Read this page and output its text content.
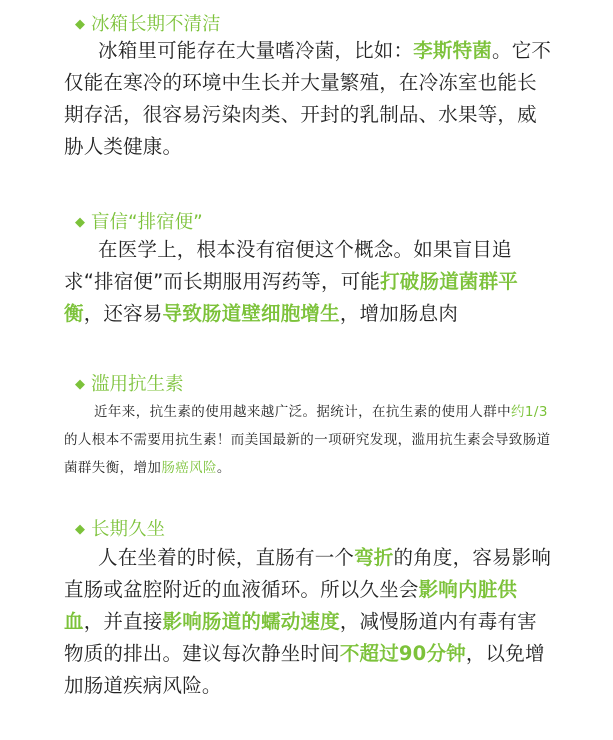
◆ 冰箱长期不清洁

冰箱里可能存在大量嗜冷菌，比如：李斯特菌。它不仅能在寒冷的环境中生长并大量繁殖，在冷冻室也能长期存活，很容易污染肉类、开封的乳制品、水果等，威胁人类健康。

◆ 盲信“排宿便”

在医学上，根本没有宿便这个概念。如果盲目追求“排宿便”而长期服用泻药等，可能打破肠道菌群平衡，还容易导致肠道壁细胞增生，增加肠息肉

◆ 滥用抗生素

近年来，抗生素的使用越来越广泛。据统计，在抗生素的使用人群中约1/3的人根本不需要用抗生素！而美国最新的一项研究发现，滥用抗生素会导致肠道菌群失衡，增加肠癌风险。

◆ 长期久坐

人在坐着的时候，直肠有一个弯折的角度，容易影响直肠或盆腔附近的血液循环。所以久坐会影响内脏供血，并直接影响肠道的蠕动速度，减慢肠道内有毒有害物质的排出。建议每次静坐时间不超过90分钟，以免增加肠道疾病风险。
